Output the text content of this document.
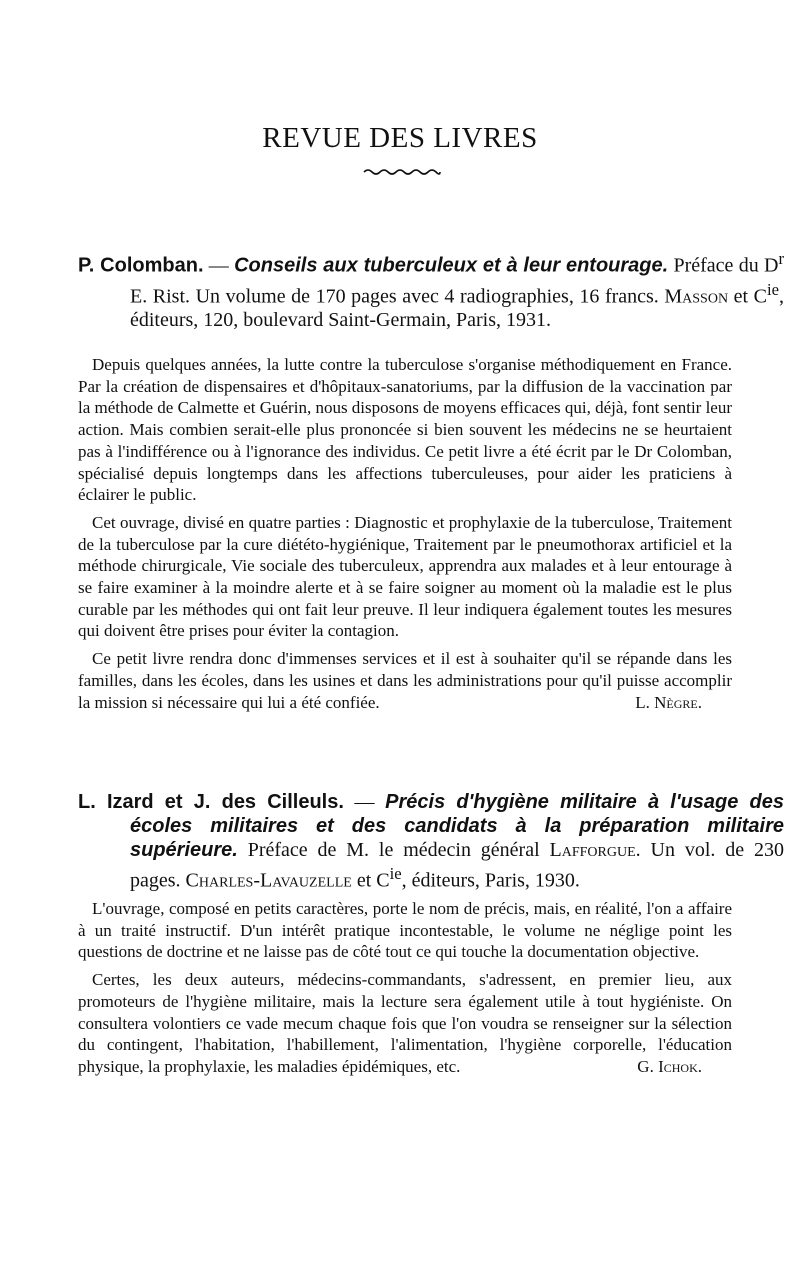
REVUE DES LIVRES
P. Colomban. — Conseils aux tuberculeux et à leur entourage. Préface du $D^r$ E. Rist. Un volume de 170 pages avec 4 radiographies, 16 francs. Masson et $C^{ie}$, éditeurs, 120, boulevard Saint-Germain, Paris, 1931.

Depuis quelques années, la lutte contre la tuberculose s'organise méthodiquement en France. Par la création de dispensaires et d'hôpitaux-sanatoriums, par la diffusion de la vaccination par la méthode de Calmette et Guérin, nous disposons de moyens efficaces qui, déjà, font sentir leur action. Mais combien serait-elle plus prononcée si bien souvent les médecins ne se heurtaient pas à l'indifférence ou à l'ignorance des individus. Ce petit livre a été écrit par le Dr Colomban, spécialisé depuis longtemps dans les affections tuberculeuses, pour aider les praticiens à éclairer le public.

Cet ouvrage, divisé en quatre parties : Diagnostic et prophylaxie de la tuberculose, Traitement de la tuberculose par la cure diététo-hygiénique, Traitement par le pneumothorax artificiel et la méthode chirurgicale, Vie sociale des tuberculeux, apprendra aux malades et à leur entourage à se faire examiner à la moindre alerte et à se faire soigner au moment où la maladie est le plus curable par les méthodes qui ont fait leur preuve. Il leur indiquera également toutes les mesures qui doivent être prises pour éviter la contagion.

Ce petit livre rendra donc d'immenses services et il est à souhaiter qu'il se répande dans les familles, dans les écoles, dans les usines et dans les administrations pour qu'il puisse accomplir la mission si nécessaire qui lui a été confiée.	L. Nègre.

L. Izard et J. des Cilleuls. — Précis d'hygiène militaire à l'usage des écoles militaires et des candidats à la préparation militaire supérieure. Préface de M. le médecin général Lafforgue. Un vol. de 230 pages. Charles-Lavauzelle et $C^{ie}$, éditeurs, Paris, 1930.

L'ouvrage, composé en petits caractères, porte le nom de précis, mais, en réalité, l'on a affaire à un traité instructif. D'un intérêt pratique incontestable, le volume ne néglige point les questions de doctrine et ne laisse pas de côté tout ce qui touche la documentation objective.

Certes, les deux auteurs, médecins-commandants, s'adressent, en premier lieu, aux promoteurs de l'hygiène militaire, mais la lecture sera également utile à tout hygiéniste. On consultera volontiers ce vade mecum chaque fois que l'on voudra se renseigner sur la sélection du contingent, l'habitation, l'habillement, l'alimentation, l'hygiène corporelle, l'éducation physique, la prophylaxie, les maladies épidémiques, etc.	G. Ichok.
